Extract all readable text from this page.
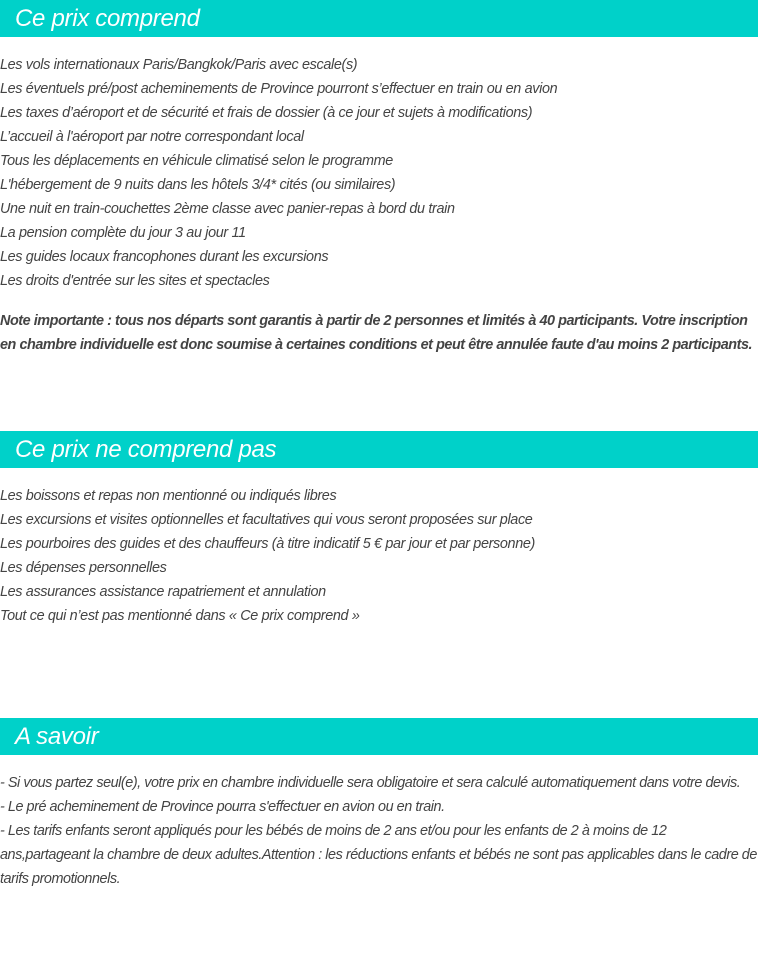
Ce prix comprend
Les vols internationaux Paris/Bangkok/Paris avec escale(s)
Les éventuels pré/post acheminements de Province pourront s’effectuer en train ou en avion
Les taxes d’aéroport et de sécurité et frais de dossier (à ce jour et sujets à modifications)
L’accueil à l'aéroport par notre correspondant local
Tous les déplacements en véhicule climatisé selon le programme
L'hébergement de 9 nuits dans les hôtels 3/4* cités (ou similaires)
Une nuit en train-couchettes 2ème classe avec panier-repas à bord du train
La pension complète du jour 3 au jour 11
Les guides locaux francophones durant les excursions
Les droits d'entrée sur les sites et spectacles

Note importante : tous nos départs sont garantis à partir de 2 personnes et limités à 40 participants. Votre inscription en chambre individuelle est donc soumise à certaines conditions et peut être annulée faute d'au moins 2 participants.

Ce prix ne comprend pas
Les boissons et repas non mentionné ou indiqués libres
Les excursions et visites optionnelles et facultatives qui vous seront proposées sur place
Les pourboires des guides et des chauffeurs (à titre indicatif 5 € par jour et par personne)
Les dépenses personnelles
Les assurances assistance rapatriement et annulation
Tout ce qui n’est pas mentionné dans « Ce prix comprend »
A savoir

- Si vous partez seul(e), votre prix en chambre individuelle sera obligatoire et sera calculé automatiquement dans votre devis.

- Le pré acheminement de Province pourra s'effectuer en avion ou en train.

- Les tarifs enfants seront appliqués pour les bébés de moins de 2 ans et/ou pour les enfants de 2 à moins de 12 ans,partageant la chambre de deux adultes.Attention : les réductions enfants et bébés ne sont pas applicables dans le cadre de tarifs promotionnels.
